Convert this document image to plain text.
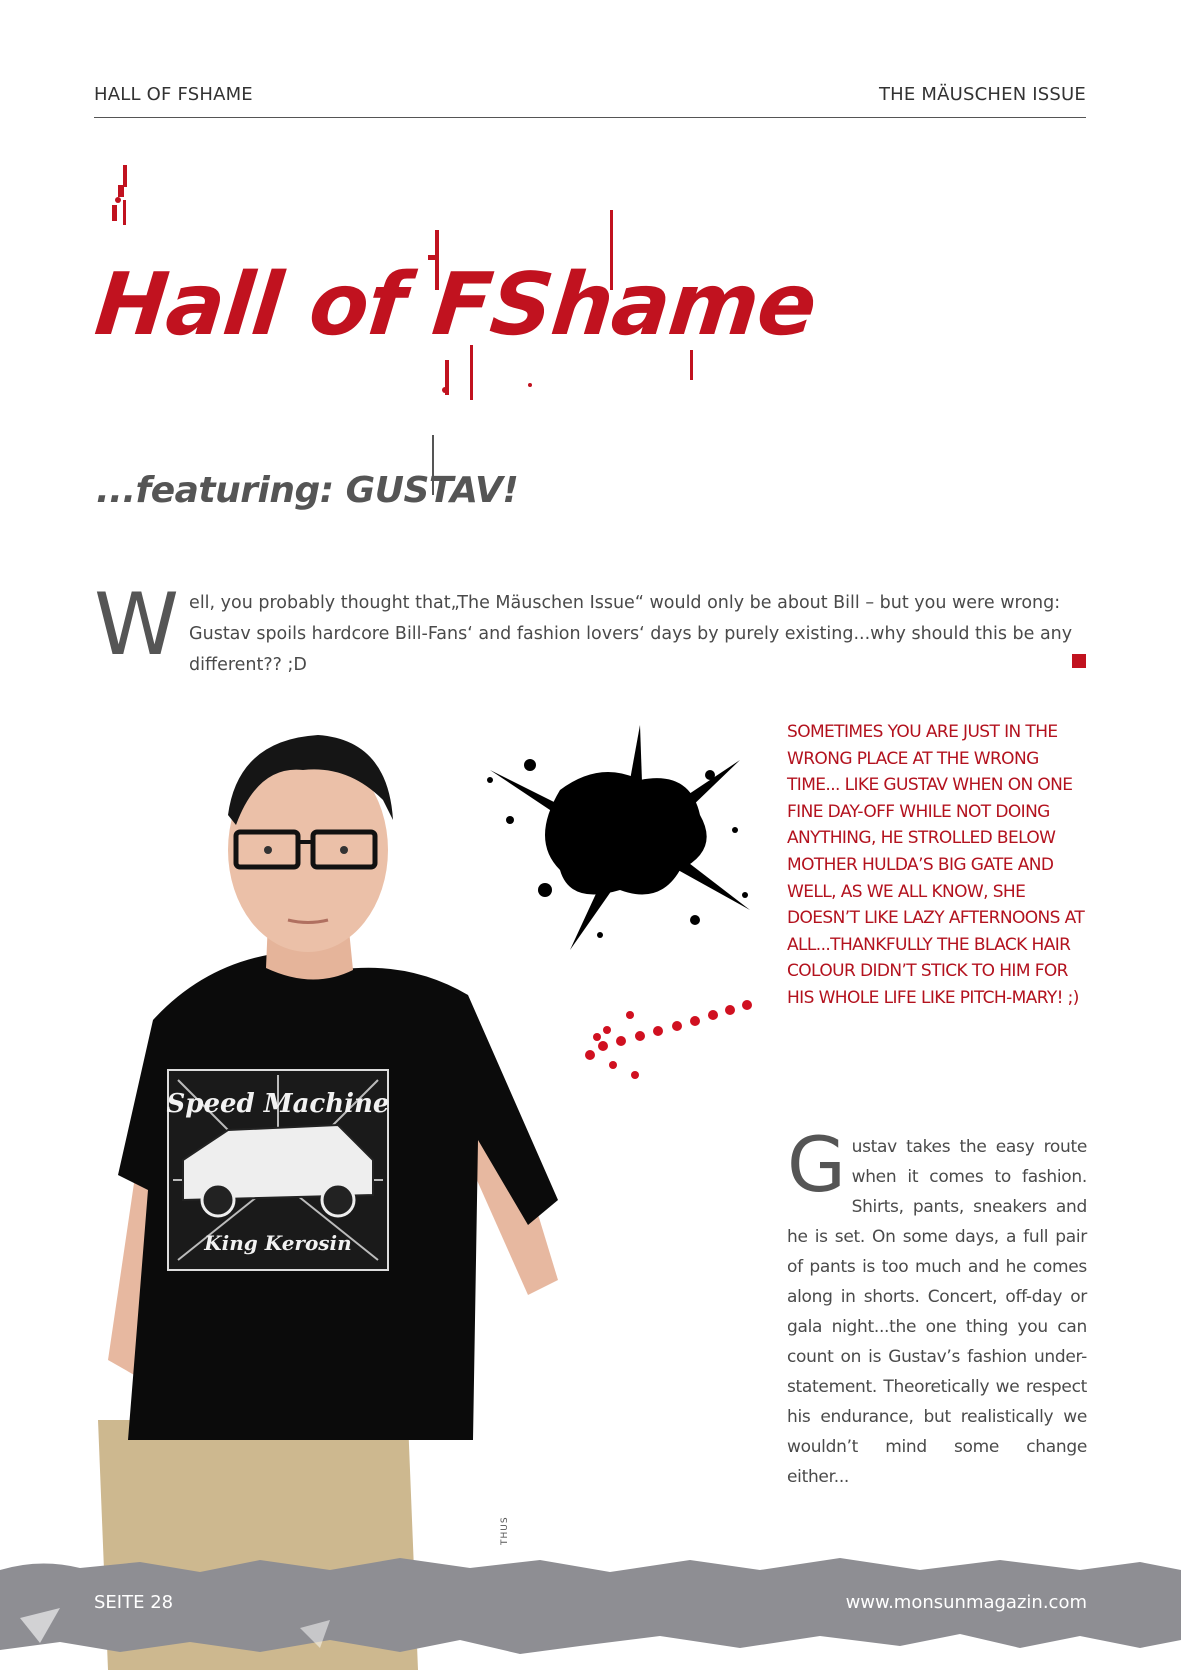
HALL OF FSHAME	THE MÄUSCHEN ISSUE
Hall of FShame
...featuring: GUSTAV!
W ell, you probably thought that„The Mäuschen Issue“ would only be about Bill – but you were wrong: Gustav spoils hardcore Bill-Fans‘ and fashion lovers‘ days by purely existing...why should this be any different?? ;D
Speed Machine
King Kerosin
SOMETIMES YOU ARE JUST IN THE WRONG PLACE AT THE WRONG TIME... LIKE GUSTAV WHEN ON ONE FINE DAY-OFF WHILE NOT DOING ANYTHING, HE STROLLED BELOW MOTHER HULDA’S BIG GATE AND WELL, AS WE ALL KNOW, SHE DOESN’T LIKE LAZY AFTERNOONS AT ALL...THANKFULLY THE BLACK HAIR COLOUR DIDN’T STICK TO HIM FOR HIS WHOLE LIFE LIKE PITCH-MARY! ;)
G ustav takes the easy route when it comes to fashion. Shirts, pants, sneakers and he is set. On some days, a full pair of pants is too much and he comes along in shorts. Concert, off-day or gala night...the one thing you can count on is Gustav’s fashion under-statement. Theoretically we respect his endurance, but realistically we wouldn’t mind some change either...
THUS
SEITE 28	www.monsunmagazin.com
